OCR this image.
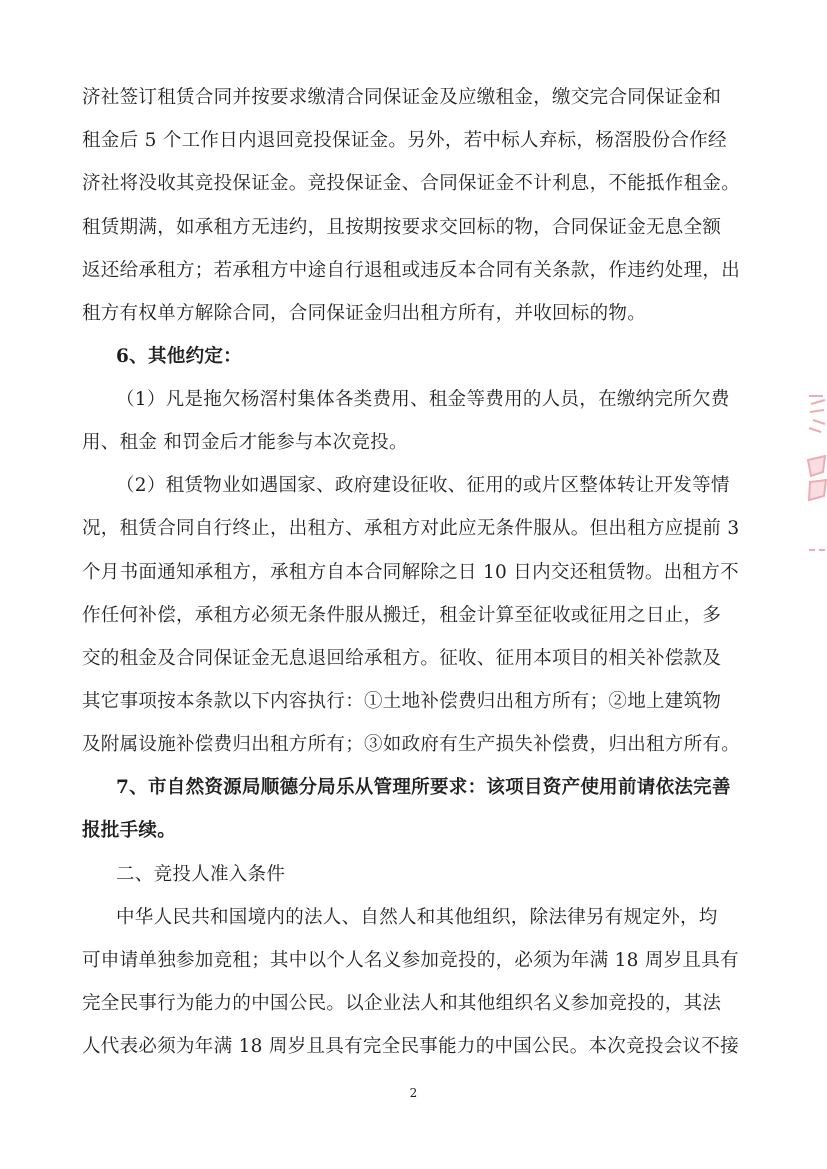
济社签订租赁合同并按要求缴清合同保证金及应缴租金，缴交完合同保证金和
租金后 5 个工作日内退回竞投保证金。另外，若中标人弃标，杨滘股份合作经
济社将没收其竞投保证金。竞投保证金、合同保证金不计利息，不能抵作租金。
租赁期满，如承租方无违约，且按期按要求交回标的物，合同保证金无息全额
返还给承租方；若承租方中途自行退租或违反本合同有关条款，作违约处理，出
租方有权单方解除合同，合同保证金归出租方所有，并收回标的物。
6、其他约定：
（1）凡是拖欠杨滘村集体各类费用、租金等费用的人员，在缴纳完所欠费
用、租金 和罚金后才能参与本次竞投。
（2）租赁物业如遇国家、政府建设征收、征用的或片区整体转让开发等情
况，租赁合同自行终止，出租方、承租方对此应无条件服从。但出租方应提前 3
个月书面通知承租方，承租方自本合同解除之日 10 日内交还租赁物。出租方不
作任何补偿，承租方必须无条件服从搬迁，租金计算至征收或征用之日止，多
交的租金及合同保证金无息退回给承租方。征收、征用本项目的相关补偿款及
其它事项按本条款以下内容执行：①土地补偿费归出租方所有；②地上建筑物
及附属设施补偿费归出租方所有；③如政府有生产损失补偿费，归出租方所有。
7、市自然资源局顺德分局乐从管理所要求：该项目资产使用前请依法完善
报批手续。
二、竞投人准入条件
中华人民共和国境内的法人、自然人和其他组织，除法律另有规定外，均
可申请单独参加竞租；其中以个人名义参加竞投的，必须为年满 18 周岁且具有
完全民事行为能力的中国公民。以企业法人和其他组织名义参加竞投的，其法
人代表必须为年满 18 周岁且具有完全民事能力的中国公民。本次竞投会议不接
2
